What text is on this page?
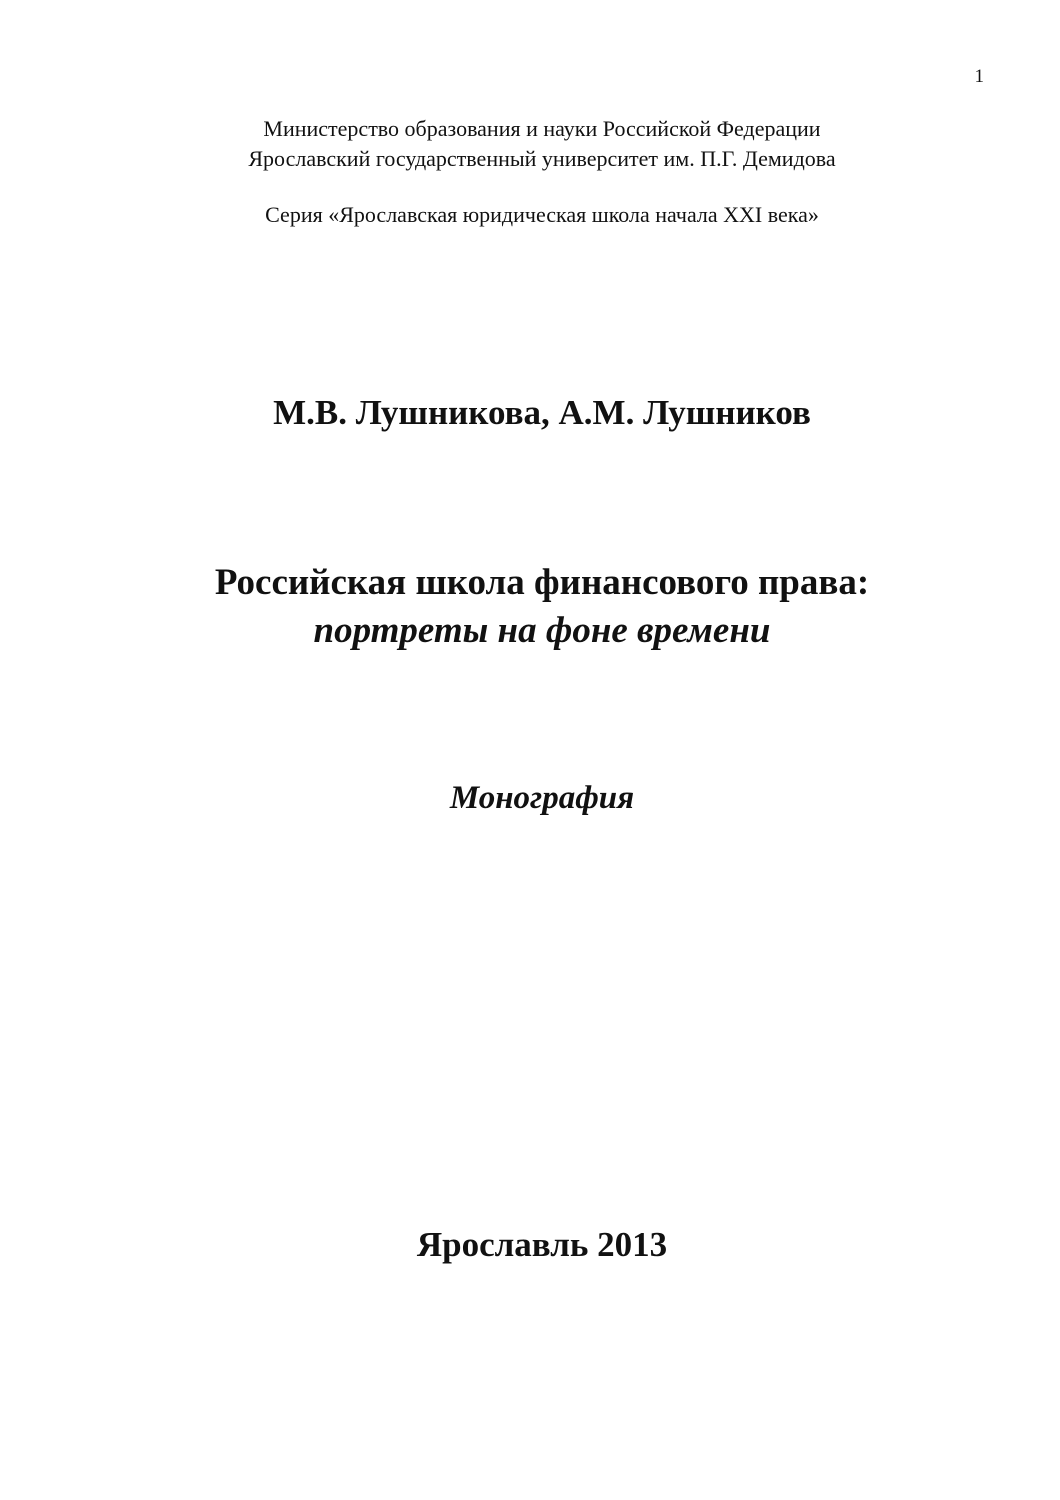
1
Министерство образования и науки Российской Федерации
Ярославский государственный университет им. П.Г. Демидова
Серия «Ярославская юридическая школа начала XXI века»
М.В. Лушникова, А.М. Лушников
Российская школа финансового права:
портреты на фоне времени
Монография
Ярославль 2013
